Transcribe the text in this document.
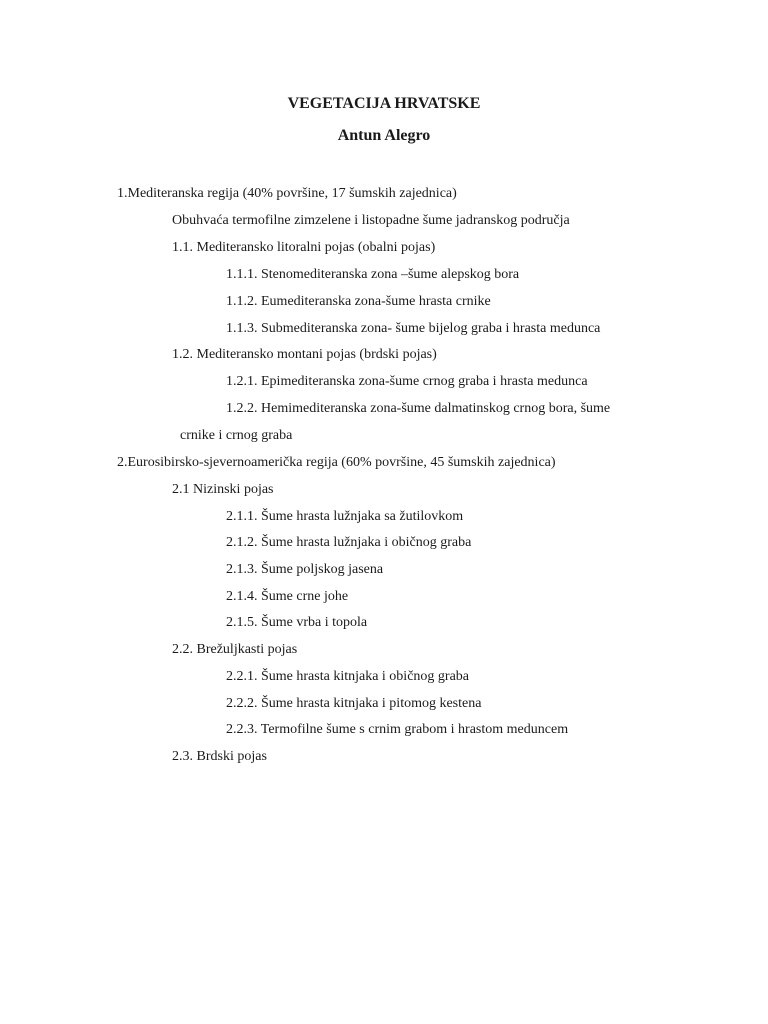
VEGETACIJA HRVATSKE
Antun Alegro
1.Mediteranska regija (40% površine, 17 šumskih zajednica)
Obuhvaća termofilne zimzelene i listopadne šume jadranskog područja
1.1. Mediteransko litoralni pojas (obalni pojas)
1.1.1. Stenomediteranska zona –šume alepskog bora
1.1.2. Eumediteranska zona-šume hrasta crnike
1.1.3. Submediteranska zona- šume bijelog graba i hrasta medunca
1.2. Mediteransko montani pojas (brdski pojas)
1.2.1. Epimediteranska zona-šume crnog graba i hrasta medunca
1.2.2. Hemimediteranska zona-šume dalmatinskog crnog bora, šume
crnike i crnog graba
2.Eurosibirsko-sjevernoamerička regija (60% površine, 45 šumskih zajednica)
2.1 Nizinski pojas
2.1.1. Šume hrasta lužnjaka sa žutilovkom
2.1.2. Šume hrasta lužnjaka i običnog graba
2.1.3. Šume poljskog jasena
2.1.4. Šume crne johe
2.1.5. Šume vrba i topola
2.2. Brežuljkasti pojas
2.2.1. Šume hrasta kitnjaka i običnog graba
2.2.2. Šume hrasta kitnjaka i pitomog kestena
2.2.3. Termofilne šume s crnim grabom i hrastom meduncem
2.3. Brdski pojas
